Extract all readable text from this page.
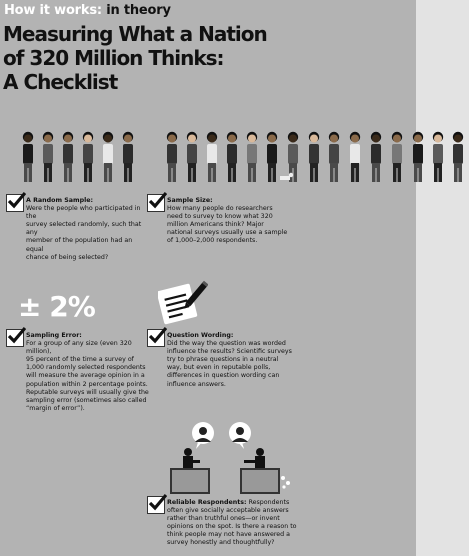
How it works: in theory
Measuring What a Nation
of 320 Million Thinks:
A Checklist
A Random Sample:
Were the people who participated in the
survey selected randomly, such that any
member of the population had an equal
chance of being selected?
Sample Size:
How many people do researchers
need to survey to know what 320
million Americans think? Major
national surveys usually use a sample
of 1,000–2,000 respondents.
± 2%
Sampling Error:
For a group of any size (even 320 million),
95 percent of the time a survey of
1,000 randomly selected respondents
will measure the average opinion in a
population within 2 percentage points.
Reputable surveys will usually give the
sampling error (sometimes also called
“margin of error”).
Question Wording:
Did the way the question was worded
influence the results? Scientific surveys
try to phrase questions in a neutral
way, but even in reputable polls,
differences in question wording can
influence answers.
Reliable Respondents: Respondents
often give socially acceptable answers
rather than truthful ones—or invent
opinions on the spot. Is there a reason to
think people may not have answered a
survey honestly and thoughtfully?
